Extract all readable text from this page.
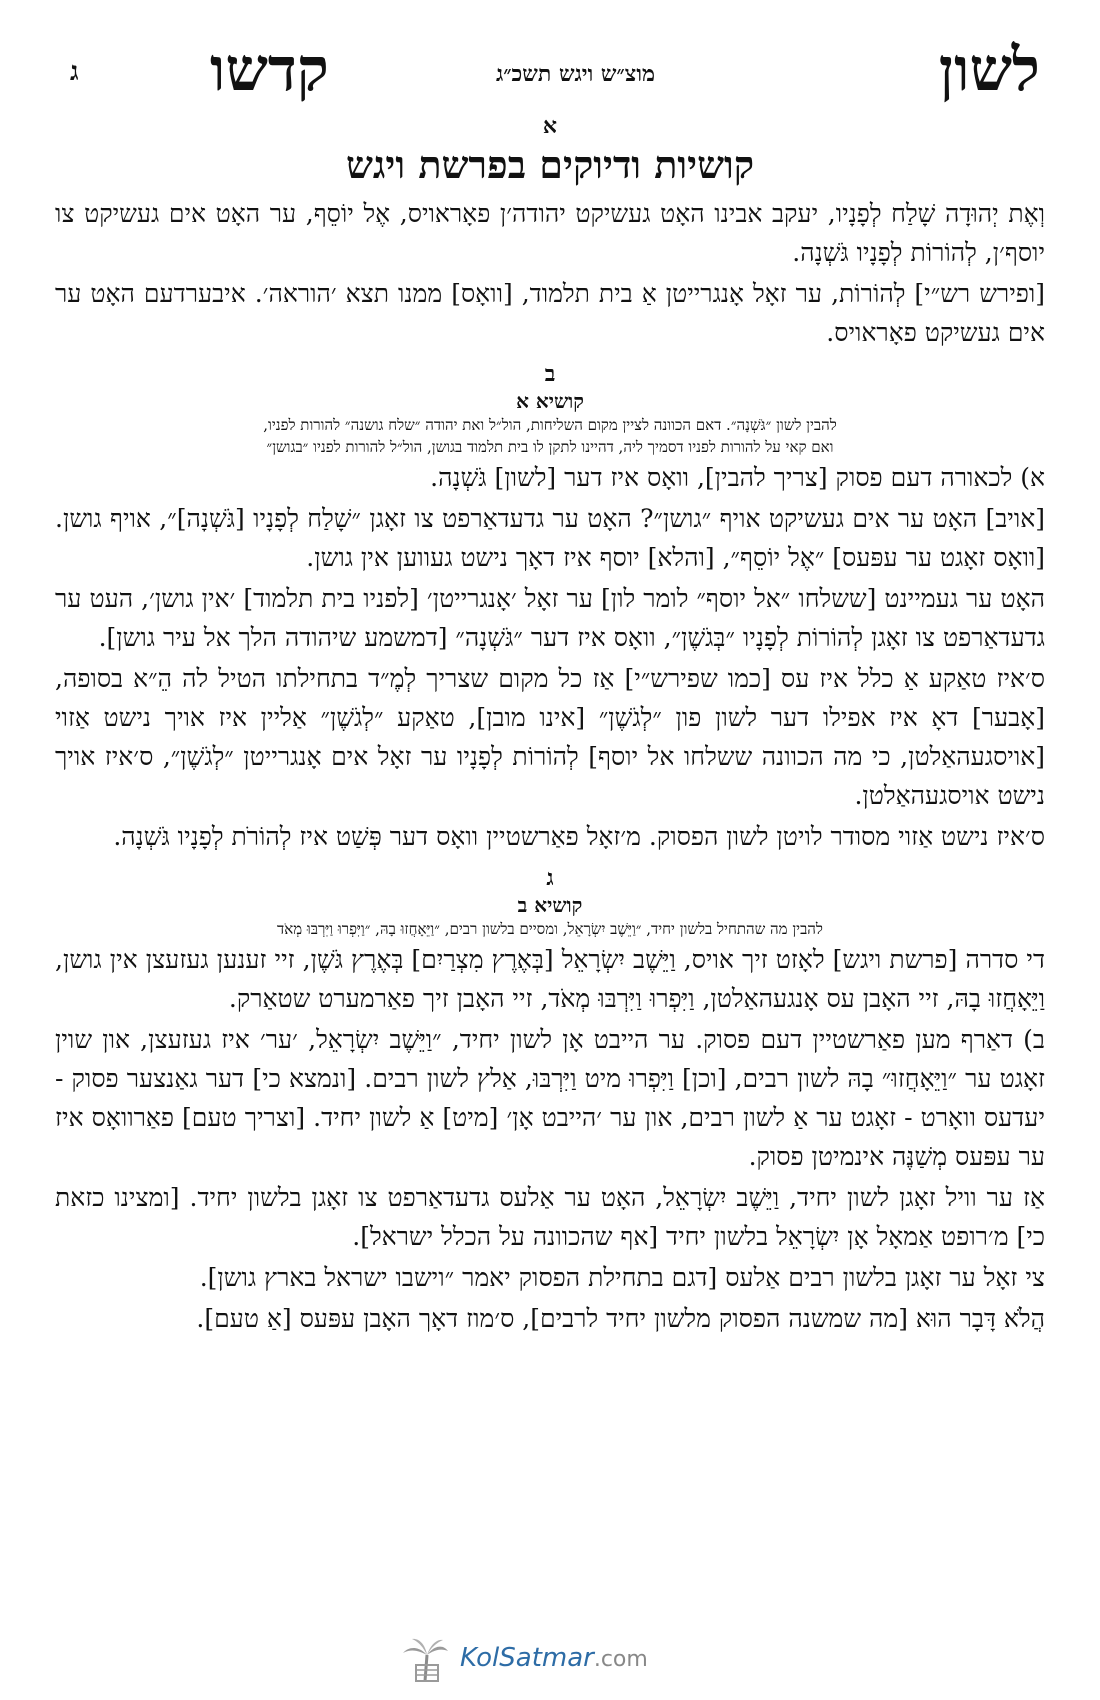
לשון
מוצ״ש ויגש תשכ״ג
קדשו
ג
א
קושיות ודיוקים בפרשת ויגש

וְאֶת יְהוּדָה שָׁלַח לְפָנָיו, יעקב אבינו האָט געשיקט יהודה׳ן פאָראויס, אֶל יוֹסֵף, ער האָט אים געשיקט צו יוסף׳ן, לְהוֹרוֹת לְפָנָיו גֹּשְׁנָה.

[ופירש רש״י] לְהוֹרוֹת, ער זאָל אָנגרייטן אַ בית תלמוד, [וואָס] ממנו תצא ׳הוראה׳. איבערדעם האָט ער אים געשיקט פאָראויס.

ב
קושיא א
להבין לשון ״גֹּשְׁנָה״. דאם הכוונה לציין מקום השליחות, הול״ל ואת יהודה ״שלח גושנה״ להורות לפניו,
ואם קאי על להורות לפניו דסמיך ליה, דהיינו לתקן לו בית תלמוד בגושן, הול״ל להורות לפניו ״בגושן״

א) לכאורה דעם פסוק [צריך להבין], וואָס איז דער [לשון] גֹּשְׁנָה.

[אויב] האָט ער אים געשיקט אויף ״גושן״? האָט ער גדעדאַרפט צו זאָגן ״שָׁלַח לְפָנָיו [גֹּשְׁנָה]״, אויף גושן. [וואָס זאָגט ער עפּעס] ״אֶל יוֹסֵף״, [והלא] יוסף איז דאָך נישט געווען אין גושן.

האָט ער געמיינט [ששלחו ״אל יוסף״ לומר לון] ער זאָל ׳אָנגרייטן׳ [לפניו בית תלמוד] ׳אין גושן׳, העט ער גדעדאַרפט צו זאָגן לְהוֹרוֹת לְפָנָיו ״בְּגֹשֶׁן״, וואָס איז דער ״גֹּשְׁנָה״ [דמשמע שיהודה הלך אל עיר גושן].

ס׳איז טאַקע אַ כלל איז עס [כמו שפירש״י] אַז כל מקום שצריך לְמֶ״ד בתחילתו הטיל לה הֵ״א בסופה, [אָבער] דאָ איז אפילו דער לשון פון ״לְגֹשֶׁן״ [אינו מובן], טאַקע ״לְגֹשֶׁן״ אַליין איז אויך נישט אַזוי [אויסגעהאַלטן, כי מה הכוונה ששלחו אל יוסף] לְהוֹרוֹת לְפָנָיו ער זאָל אים אָנגרייטן ״לְגֹשֶׁן״, ס׳איז אויך נישט אויסגעהאַלטן.

ס׳איז נישט אַזוי מסודר לויטן לשון הפסוק. מ׳זאָל פאַרשטיין וואָס דער פְּשַׁט איז לְהוֹרֹת לְפָנָיו גֹּשְׁנָה.

ג
קושיא ב
להבין מה שהתחיל בלשון יחיד, ״וַיֵּשֶׁב יִשְׂרָאֵל, ומסיים בלשון רבים, ״וַיֵּאָחֲזוּ בָהּ, ״וַיִּפְרוּ וַיִּרְבּוּ מְאֹד

די סדרה [פרשת ויגש] לאָזט זיך אויס, וַיֵּשֶׁב יִשְׂרָאֵל [בְּאֶרֶץ מִצְרַיִם] בְּאֶרֶץ גֹּשֶׁן, זיי זענען געזעצן אין גושן, וַיֵּאָחֲזוּ בָהּ, זיי האָבן עס אָנגעהאַלטן, וַיִּפְרוּ וַיִּרְבּוּ מְאֹד, זיי האָבן זיך פאַרמערט שטאַרק.

ב) דאַרף מען פאַרשטיין דעם פסוק. ער הייבט אָן לשון יחיד, ״וַיֵּשֶׁב יִשְׂרָאֵל, ׳ער׳ איז געזעצן, און שוין זאָגט ער ״וַיֵּאָחֲזוּ״ בָהּ לשון רבים, [וכן] וַיִּפְרוּ מיט וַיִּרְבּוּ, אַלץ לשון רבים. [ונמצא כי] דער גאַנצער פסוק - יעדעס וואָרט - זאָגט ער אַ לשון רבים, און ער ׳הייבט אָן׳ [מיט] אַ לשון יחיד. [וצריך טעם] פאַרוואָס איז ער עפּעס מְשַׁנֶּה אינמיטן פסוק.

אַז ער וויל זאָגן לשון יחיד, וַיֵּשֶׁב יִשְׂרָאֵל, האָט ער אַלעס גדעדאַרפט צו זאָגן בלשון יחיד. [ומצינו כזאת כי] מ׳רופט אַמאָל אָן יִשְׂרָאֵל בלשון יחיד [אף שהכוונה על הכלל ישראל].

צי זאָל ער זאָגן בלשון רבים אַלעס [דגם בתחילת הפסוק יאמר ״וישבו ישראל בארץ גושן].

הֲלֹא דָּבָר הוּא [מה שמשנה הפסוק מלשון יחיד לרבים], ס׳מוז דאָך האָבן עפּעס [אַ טעם].

KolSatmar.com
